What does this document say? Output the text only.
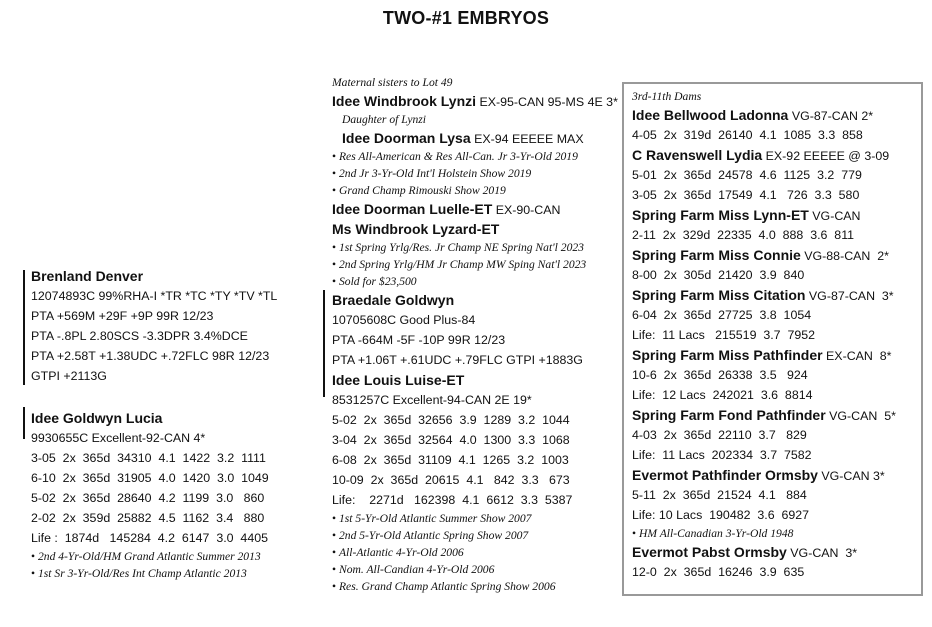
TWO-#1 EMBRYOS
Brenland Denver
12074893C 99%RHA-I *TR *TC *TY *TV *TL
PTA +569M +29F +9P 99R 12/23
PTA -.8PL 2.80SCS -3.3DPR 3.4%DCE
PTA +2.58T +1.38UDC +.72FLC 98R 12/23
GTPI +2113G
Idee Goldwyn Lucia
9930655C Excellent-92-CAN 4*
3-05  2x  365d  34310  4.1  1422  3.2  1111
6-10  2x  365d  31905  4.0  1420  3.0  1049
5-02  2x  365d  28640  4.2  1199  3.0   860
2-02  2x  359d  25882  4.5  1162  3.4   880
Life :  1874d   145284  4.2  6147  3.0  4405
• 2nd 4-Yr-Old/HM Grand Atlantic Summer 2013
• 1st Sr 3-Yr-Old/Res Int Champ Atlantic 2013
Maternal sisters to Lot 49
Idee Windbrook Lynzi EX-95-CAN 95-MS 4E 3*
Daughter of Lynzi
Idee Doorman Lysa EX-94 EEEEE MAX
• Res All-American & Res All-Can. Jr 3-Yr-Old 2019
• 2nd Jr 3-Yr-Old Int'l Holstein Show 2019
• Grand Champ Rimouski Show 2019
Idee Doorman Luelle-ET EX-90-CAN
Ms Windbrook Lyzard-ET
• 1st Spring Yrlg/Res. Jr Champ NE Spring Nat'l 2023
• 2nd Spring Yrlg/HM Jr Champ MW Sping Nat'l 2023
• Sold for $23,500
Braedale Goldwyn
10705608C Good Plus-84
PTA -664M -5F -10P 99R 12/23
PTA +1.06T +.61UDC +.79FLC GTPI +1883G
Idee Louis Luise-ET
8531257C Excellent-94-CAN 2E 19*
5-02  2x  365d  32656  3.9  1289  3.2  1044
3-04  2x  365d  32564  4.0  1300  3.3  1068
6-08  2x  365d  31109  4.1  1265  3.2  1003
10-09  2x  365d  20615  4.1   842  3.3   673
Life:    2271d   162398  4.1  6612  3.3  5387
• 1st 5-Yr-Old Atlantic Summer Show 2007
• 2nd 5-Yr-Old Atlantic Spring Show 2007
• All-Atlantic 4-Yr-Old 2006
• Nom. All-Candian 4-Yr-Old 2006
• Res. Grand Champ Atlantic Spring Show 2006
3rd-11th Dams
Idee Bellwood Ladonna VG-87-CAN 2*
4-05  2x  319d  26140  4.1  1085  3.3  858
C Ravenswell Lydia EX-92 EEEEE @ 3-09
5-01  2x  365d  24578  4.6  1125  3.2  779
3-05  2x  365d  17549  4.1   726  3.3  580
Spring Farm Miss Lynn-ET VG-CAN
2-11  2x  329d  22335  4.0  888  3.6  811
Spring Farm Miss Connie VG-88-CAN  2*
8-00  2x  305d  21420  3.9  840
Spring Farm Miss Citation VG-87-CAN  3*
6-04  2x  365d  27725  3.8  1054
Life:  11 Lacs   215519  3.7  7952
Spring Farm Miss Pathfinder EX-CAN  8*
10-6  2x  365d  26338  3.5   924
Life:  12 Lacs  242021  3.6  8814
Spring Farm Fond Pathfinder VG-CAN  5*
4-03  2x  365d  22110  3.7   829
Life:  11 Lacs  202334  3.7  7582
Evermot Pathfinder Ormsby VG-CAN 3*
5-11  2x  365d  21524  4.1   884
Life: 10 Lacs  190482  3.6  6927
• HM All-Canadian 3-Yr-Old 1948
Evermot Pabst Ormsby VG-CAN  3*
12-0  2x  365d  16246  3.9  635
